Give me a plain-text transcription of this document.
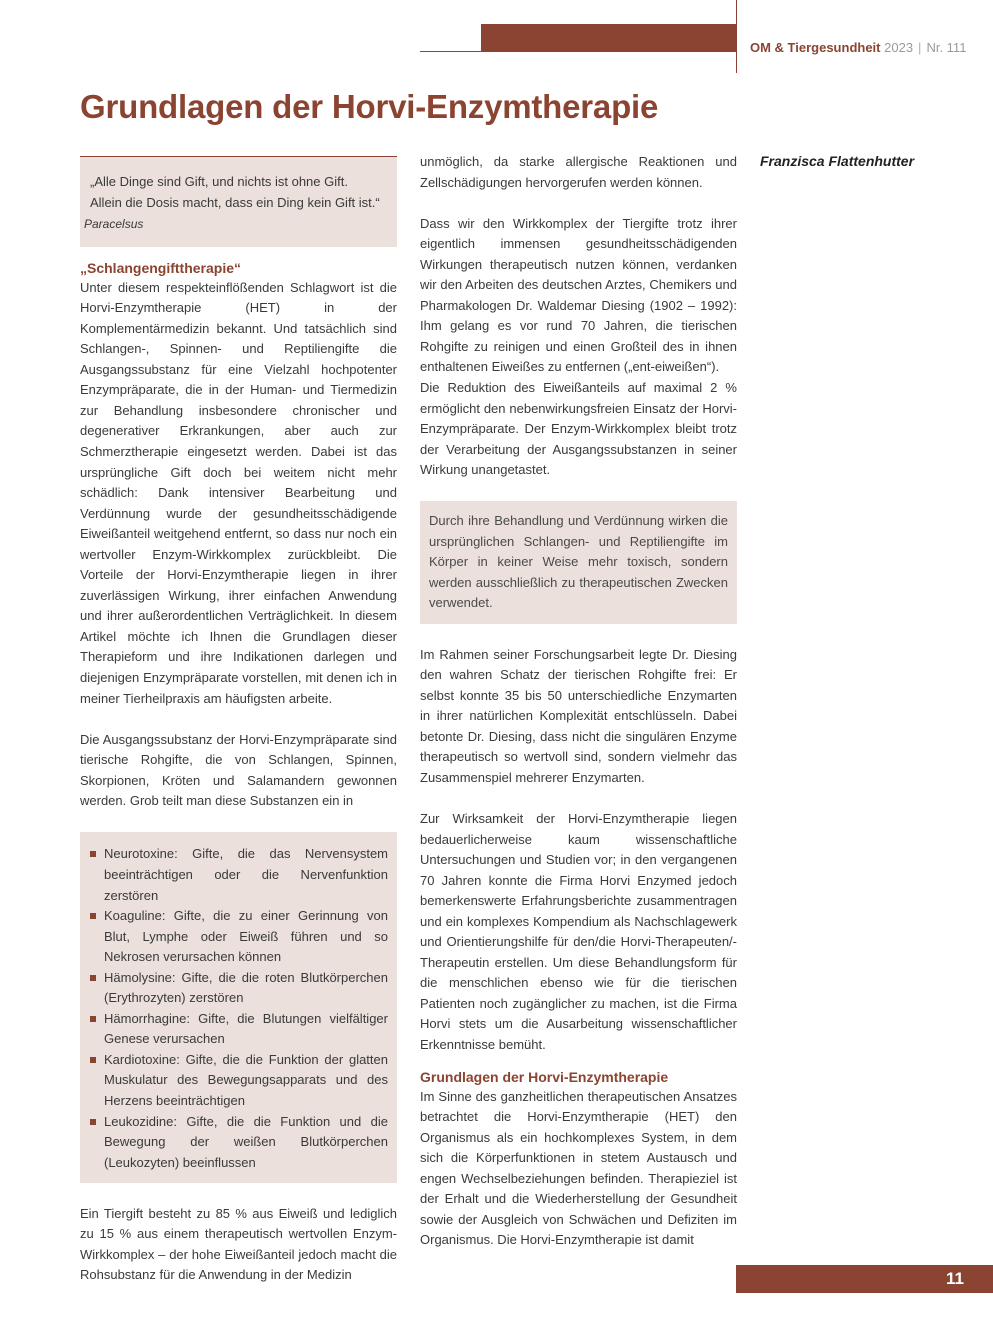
OM & Tiergesundheit 2023 | Nr. 111
Grundlagen der Horvi-Enzymtherapie
Franzisca Flattenhutter
„Alle Dinge sind Gift, und nichts ist ohne Gift.
Allein die Dosis macht, dass ein Ding kein Gift ist.“
Paracelsus
„Schlangengifttherapie“

Unter diesem respekteinflößenden Schlagwort ist die Horvi-Enzymtherapie (HET) in der Komplementärmedizin bekannt. Und tatsächlich sind Schlangen-, Spinnen- und Reptiliengifte die Ausgangssubstanz für eine Vielzahl hochpotenter Enzympräparate, die in der Human- und Tiermedizin zur Behandlung insbesondere chronischer und degenerativer Erkrankungen, aber auch zur Schmerztherapie eingesetzt werden. Dabei ist das ursprüngliche Gift doch bei weitem nicht mehr schädlich: Dank intensiver Bearbeitung und Verdünnung wurde der gesundheitsschädigende Eiweißanteil weitgehend entfernt, so dass nur noch ein wertvoller Enzym-Wirkkomplex zurückbleibt. Die Vorteile der Horvi-Enzymtherapie liegen in ihrer zuverlässigen Wirkung, ihrer einfachen Anwendung und ihrer außerordentlichen Verträglichkeit. In diesem Artikel möchte ich Ihnen die Grundlagen dieser Therapieform und ihre Indikationen darlegen und diejenigen Enzympräparate vorstellen, mit denen ich in meiner Tierheilpraxis am häufigsten arbeite.

Die Ausgangssubstanz der Horvi-Enzympräparate sind tierische Rohgifte, die von Schlangen, Spinnen, Skorpionen, Kröten und Salamandern gewonnen werden. Grob teilt man diese Substanzen ein in

Neurotoxine: Gifte, die das Nervensystem beeinträchtigen oder die Nervenfunktion zerstören
Koaguline: Gifte, die zu einer Gerinnung von Blut, Lymphe oder Eiweiß führen und so Nekrosen verursachen können
Hämolysine: Gifte, die die roten Blutkörperchen (Erythrozyten) zerstören
Hämorrhagine: Gifte, die Blutungen vielfältiger Genese verursachen
Kardiotoxine: Gifte, die die Funktion der glatten Muskulatur des Bewegungsapparats und des Herzens beeinträchtigen
Leukozidine: Gifte, die die Funktion und die Bewegung der weißen Blutkörperchen (Leukozyten) beeinflussen

Ein Tiergift besteht zu 85 % aus Eiweiß und lediglich zu 15 % aus einem therapeutisch wertvollen Enzym-Wirkkomplex – der hohe Eiweißanteil jedoch macht die Rohsubstanz für die Anwendung in der Medizin

unmöglich, da starke allergische Reaktionen und Zellschädigungen hervorgerufen werden können.

Dass wir den Wirkkomplex der Tiergifte trotz ihrer eigentlich immensen gesundheitsschädigenden Wirkungen therapeutisch nutzen können, verdanken wir den Arbeiten des deutschen Arztes, Chemikers und Pharmakologen Dr. Waldemar Diesing (1902 – 1992): Ihm gelang es vor rund 70 Jahren, die tierischen Rohgifte zu reinigen und einen Großteil des in ihnen enthaltenen Eiweißes zu entfernen („ent-eiweißen“).

Die Reduktion des Eiweißanteils auf maximal 2 % ermöglicht den nebenwirkungsfreien Einsatz der Horvi-Enzympräparate. Der Enzym-Wirkkomplex bleibt trotz der Verarbeitung der Ausgangssubstanzen in seiner Wirkung unangetastet.

Durch ihre Behandlung und Verdünnung wirken die ursprünglichen Schlangen- und Reptiliengifte im Körper in keiner Weise mehr toxisch, sondern werden ausschließlich zu therapeutischen Zwecken verwendet.

Im Rahmen seiner Forschungsarbeit legte Dr. Diesing den wahren Schatz der tierischen Rohgifte frei: Er selbst konnte 35 bis 50 unterschiedliche Enzymarten in ihrer natürlichen Komplexität entschlüsseln. Dabei betonte Dr. Diesing, dass nicht die singulären Enzyme therapeutisch so wertvoll sind, sondern vielmehr das Zusammenspiel mehrerer Enzymarten.

Zur Wirksamkeit der Horvi-Enzymtherapie liegen bedauerlicherweise kaum wissenschaftliche Untersuchungen und Studien vor; in den vergangenen 70 Jahren konnte die Firma Horvi Enzymed jedoch bemerkenswerte Erfahrungsberichte zusammentragen und ein komplexes Kompendium als Nachschlagewerk und Orientierungshilfe für den/die Horvi-Therapeuten/-Therapeutin erstellen. Um diese Behandlungsform für die menschlichen ebenso wie für die tierischen Patienten noch zugänglicher zu machen, ist die Firma Horvi stets um die Ausarbeitung wissenschaftlicher Erkenntnisse bemüht.

Grundlagen der Horvi-Enzymtherapie

Im Sinne des ganzheitlichen therapeutischen Ansatzes betrachtet die Horvi-Enzymtherapie (HET) den Organismus als ein hochkomplexes System, in dem sich die Körperfunktionen in stetem Austausch und engen Wechselbeziehungen befinden. Therapieziel ist der Erhalt und die Wiederherstellung der Gesundheit sowie der Ausgleich von Schwächen und Defiziten im Organismus. Die Horvi-Enzymtherapie ist damit

11
